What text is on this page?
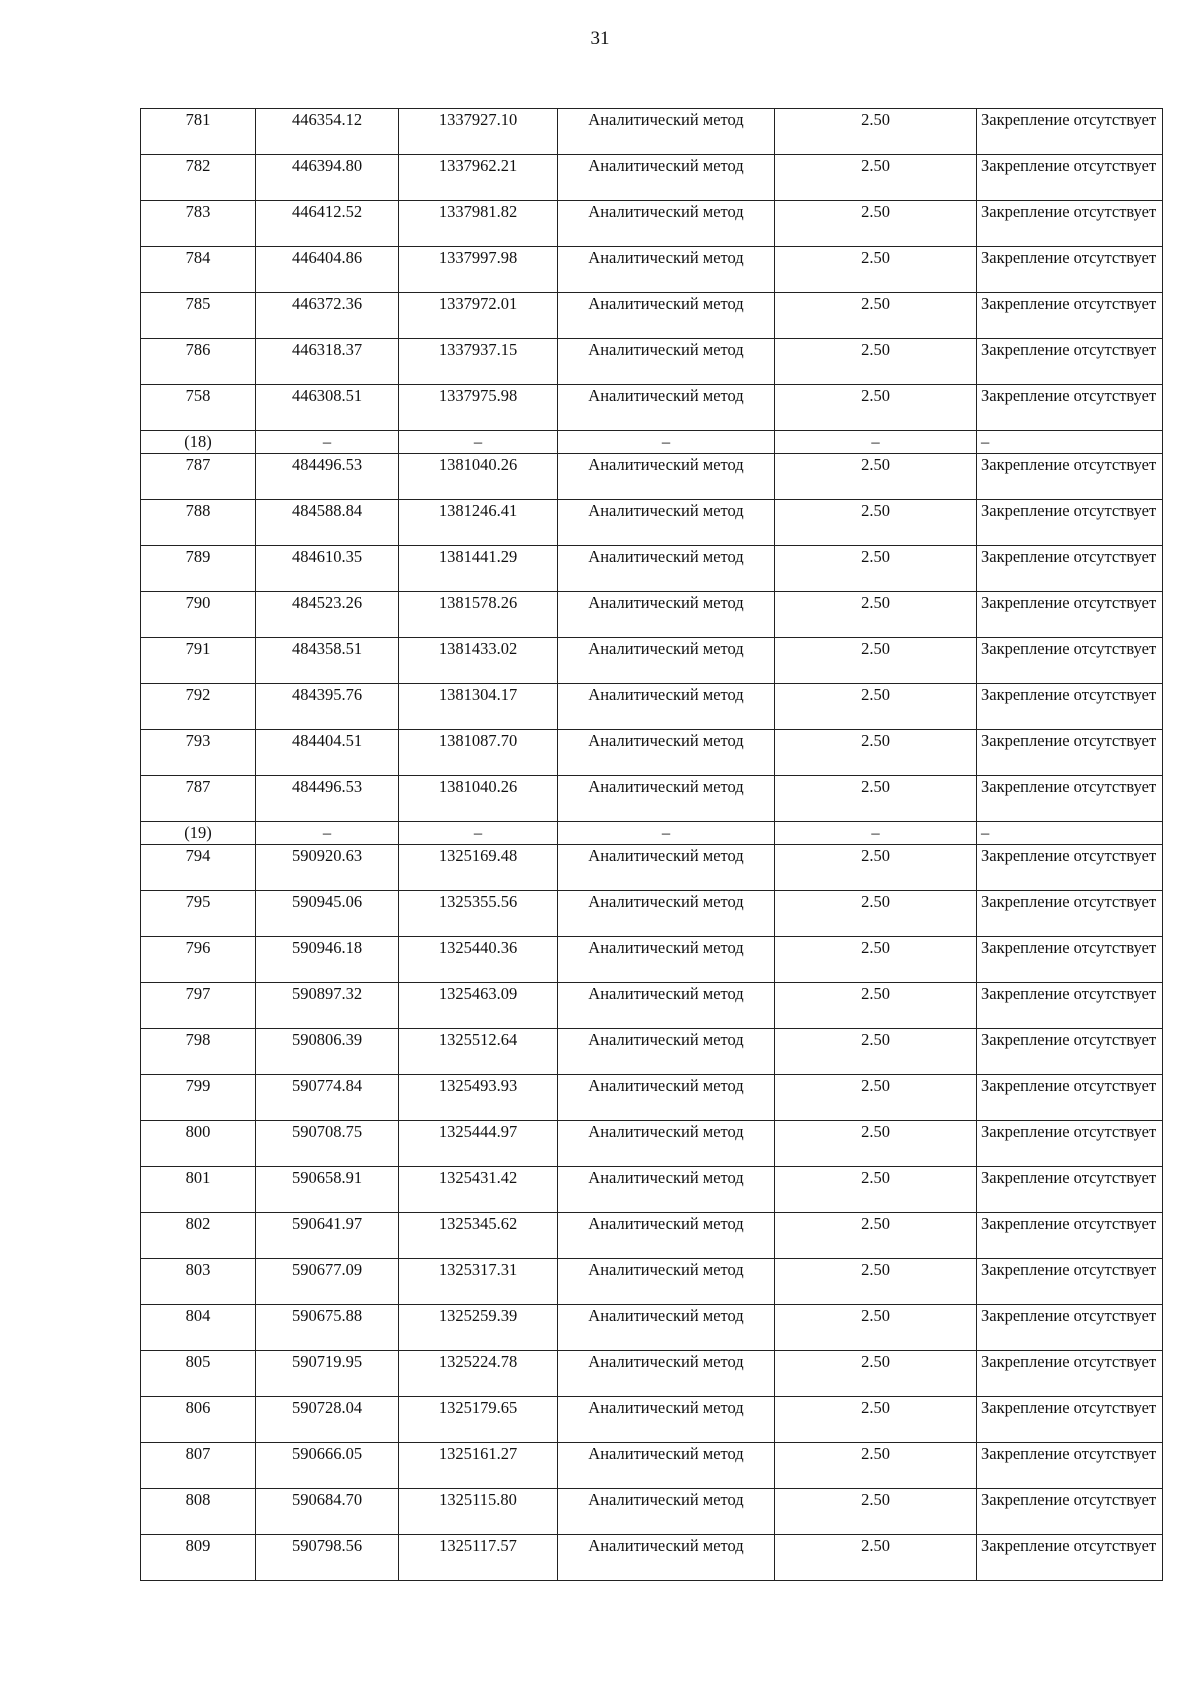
31
781	446354.12	1337927.10	Аналитический метод	2.50	Закрепление отсутствует
782	446394.80	1337962.21	Аналитический метод	2.50	Закрепление отсутствует
783	446412.52	1337981.82	Аналитический метод	2.50	Закрепление отсутствует
784	446404.86	1337997.98	Аналитический метод	2.50	Закрепление отсутствует
785	446372.36	1337972.01	Аналитический метод	2.50	Закрепление отсутствует
786	446318.37	1337937.15	Аналитический метод	2.50	Закрепление отсутствует
758	446308.51	1337975.98	Аналитический метод	2.50	Закрепление отсутствует
(18)	–	–	–	–	–
787	484496.53	1381040.26	Аналитический метод	2.50	Закрепление отсутствует
788	484588.84	1381246.41	Аналитический метод	2.50	Закрепление отсутствует
789	484610.35	1381441.29	Аналитический метод	2.50	Закрепление отсутствует
790	484523.26	1381578.26	Аналитический метод	2.50	Закрепление отсутствует
791	484358.51	1381433.02	Аналитический метод	2.50	Закрепление отсутствует
792	484395.76	1381304.17	Аналитический метод	2.50	Закрепление отсутствует
793	484404.51	1381087.70	Аналитический метод	2.50	Закрепление отсутствует
787	484496.53	1381040.26	Аналитический метод	2.50	Закрепление отсутствует
(19)	–	–	–	–	–
794	590920.63	1325169.48	Аналитический метод	2.50	Закрепление отсутствует
795	590945.06	1325355.56	Аналитический метод	2.50	Закрепление отсутствует
796	590946.18	1325440.36	Аналитический метод	2.50	Закрепление отсутствует
797	590897.32	1325463.09	Аналитический метод	2.50	Закрепление отсутствует
798	590806.39	1325512.64	Аналитический метод	2.50	Закрепление отсутствует
799	590774.84	1325493.93	Аналитический метод	2.50	Закрепление отсутствует
800	590708.75	1325444.97	Аналитический метод	2.50	Закрепление отсутствует
801	590658.91	1325431.42	Аналитический метод	2.50	Закрепление отсутствует
802	590641.97	1325345.62	Аналитический метод	2.50	Закрепление отсутствует
803	590677.09	1325317.31	Аналитический метод	2.50	Закрепление отсутствует
804	590675.88	1325259.39	Аналитический метод	2.50	Закрепление отсутствует
805	590719.95	1325224.78	Аналитический метод	2.50	Закрепление отсутствует
806	590728.04	1325179.65	Аналитический метод	2.50	Закрепление отсутствует
807	590666.05	1325161.27	Аналитический метод	2.50	Закрепление отсутствует
808	590684.70	1325115.80	Аналитический метод	2.50	Закрепление отсутствует
809	590798.56	1325117.57	Аналитический метод	2.50	Закрепление отсутствует
